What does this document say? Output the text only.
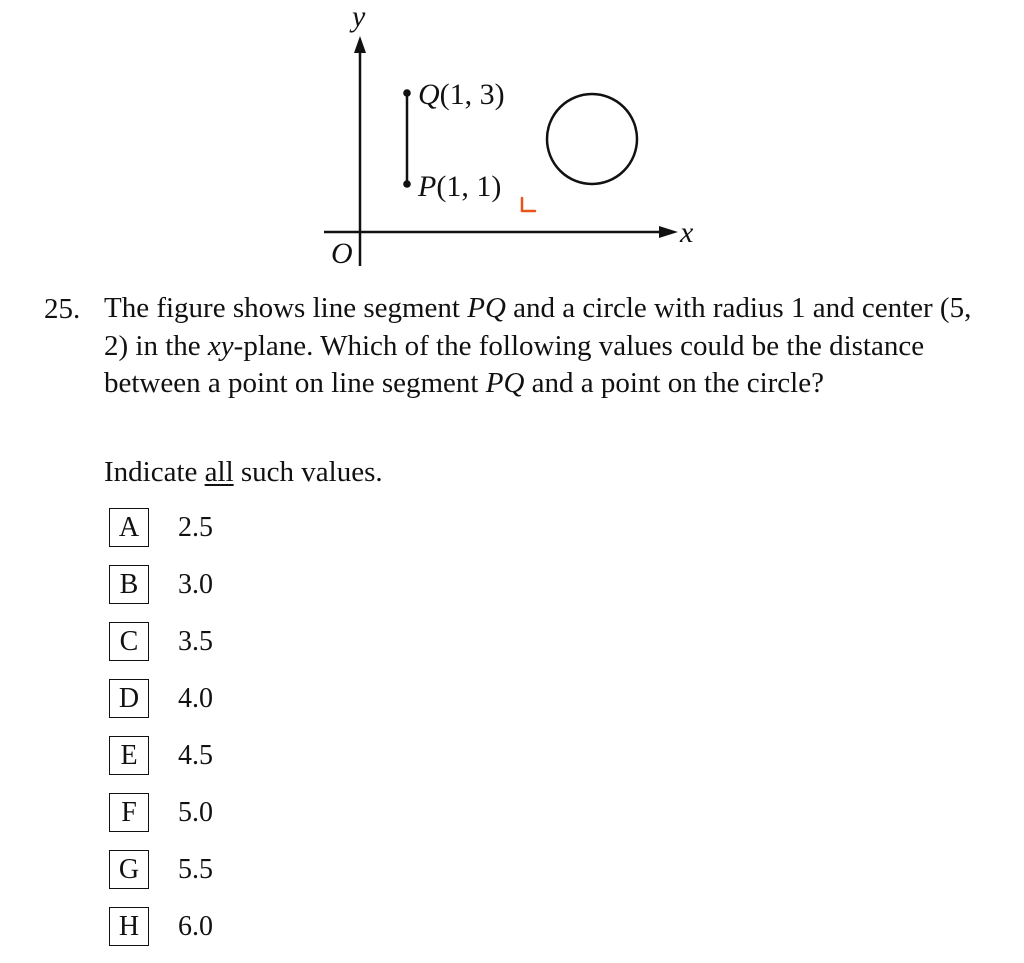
y
x
O
Q(1, 3)
P(1, 1)
25. The figure shows line segment PQ and a circle with radius 1 and center (5, 2) in the xy-plane. Which of the following values could be the distance between a point on line segment PQ and a point on the circle?
Indicate all such values.
A	2.5
B	3.0
C	3.5
D	4.0
E	4.5
F	5.0
G	5.5
H	6.0
